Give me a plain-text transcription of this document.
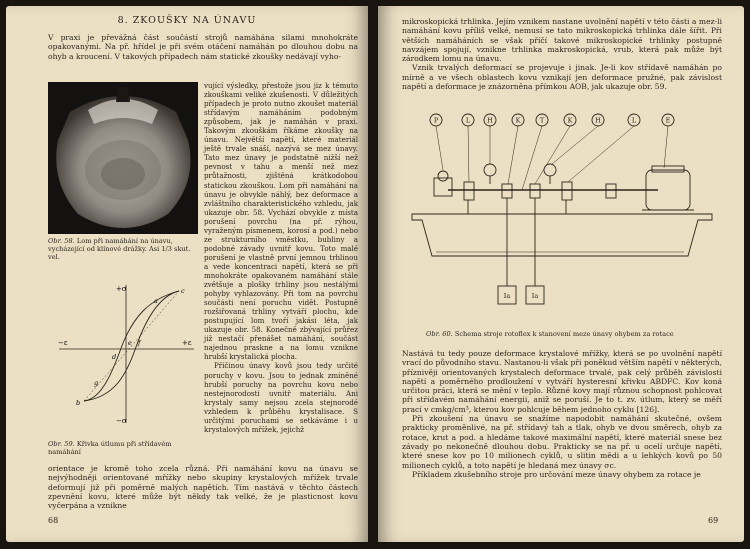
8. ZKOUŠKY NA ÚNAVU

V praxi je převážná část součástí strojů namáhána silami mnohokráte opakovanými. Na př. hřídel je při svém otáčení namáhán po dlouhou dobu na ohyb a kroucení. V takových případech nám statické zkoušky nedávají vyho-

Obr. 58. Lom při namáhání na únavu, vycházející od klínové drážky. Asi 1/3 skut. vel.
+σ
−σ
−ε	+ε
c
a
e f
d
g
b
Obr. 59. Křivka útlumu při střídavém namáhání

vující výsledky, přestože jsou jiz k témuto zkouškami veliké zkušenosti. V důležitých případech je proto nutno zkoušet materiál střídavým namáháním podobným způsobem, jak je namáhán v praxi. Takovým zkouškám říkáme zkoušky na únavu. Největší napětí, které materiál ještě trvale snáší, nazývá se mez únavy. Tato mez únavy je podstatně nižší než pevnost v tahu a menší než mez průtažnosti, zjištěná krátkodobou statickou zkouškou. Lom při namáhání na únavu je obvykle náhlý, bez deformace a zvláštního charakteristického vzhledu, jak ukazuje obr. 58. Vychází obvykle z místa porušení povrchu (na př. rýhou, vyraženým písmenem, korosí a pod.) nebo ze strukturního vměstku, bubliny a podobné závady uvnitř kovu. Toto malé porušení je vlastně první jemnou trhlinou a vede koncentraci napětí, která se při mnohokráte opakovaném namáhání stále zvětšuje a plošky trhliny jsou nestálými pohyby vyhlazovány. Při tom na povrchu součásti není poruchu vidět. Postupně rozšiřovaná trhliny vytváří plochu, kde postupující lom tvoří jakási léta, jak ukazuje obr. 58. Konečně zbývající průřez již nestačí přenášet namáhání, součást najednou praskne a na lomu vznikne hrubší krystalická plocha.

Příčinou únavy kovů jsou tedy určité poruchy v kovu. Jsou to jednak zmíněné hrubší poruchy na povrchu kovu nebo nestejnorodosti uvnitř materiálu. Ani krystaly samy nejsou zcela stejnorodé vzhledem k průběhu krystalisace. S určitými poruchami se setkáváme i u krystalových mřížek, jejichž

orientace je kromě toho zcela různá. Při namáhání kovu na únavu se nejvýhodněji orientované mřížky nebo skupiny krystalových mřížek trvale deformují již při poměrně malých napětích. Tím nastává v těchto částech zpevnění kovu, které může být někdy tak velké, že je plasticnost kovu vyčerpána a vznikne

68

mikroskopická trhlinka. Jejím vznikem nastane uvolnění napětí v této části a mez-li namáhání kovu příliš velké, nemusí se tato mikroskopická trhlinka dále šířit. Při větších namáháních se však příčí takové mikroskopické trhlinky postupně navzájem spojují, vznikne trhlinka makroskopická, vrub, která pak může být zárodkem lomu na únavu.

Vznik trvalých deformací se projevuje i jinak. Je-li kov střídavě namáhán po mírně a ve všech oblastech kovu vznikají jen deformace pružné, pak závislost napětí a deformace je znázorněna přímkou AOB, jak ukazuje obr. 59.

P	L	H	K	T	K	H	L	E
Ia	Ia
Obr. 60. Schema stroje rotoflex k stanovení meze únavy ohybem za rotace

Nastává tu tedy pouze deformace krystalové mřížky, která se po uvolnění napětí vrací do původního stavu. Nastanou-li však při poněkud větším napětí v některých, příznivěji orientovaných krystalech deformace trvalé, pak celý průběh závislosti napětí a poměrného prodloužení v vytváří hysteresní křivku ABDFC. Kov koná určitou práci, která se mění v teplo. Různé kovy mají různou schopnost pohlcovat při střídavém namáhání energii, aniž se poruší. Je to t. zv. útlum, který se měří prací v cmkg/cm³, kterou kov pohlcuje během jednoho cyklu [126].

Při zkoušení na únavu se snažíme napodobit namáhání skutečné, ovšem prakticky proměnlivé, na př. střídavý tah a tlak, ohyb ve dvou směrech, ohyb za rotace, krut a pod. a hledáme takové maximální napětí, které materiál snese bez závady po nekonečně dlouhou dobu. Prakticky se na př. u ocelí určuje napětí, které snese kov po 10 milionech cyklů, u slitin mědi a u lehkých kovů po 50 milionech cyklů, a toto napětí je hledaná mez únavy σc.

Příkladem zkušebního stroje pro určování meze únavy ohybem za rotace je

69
